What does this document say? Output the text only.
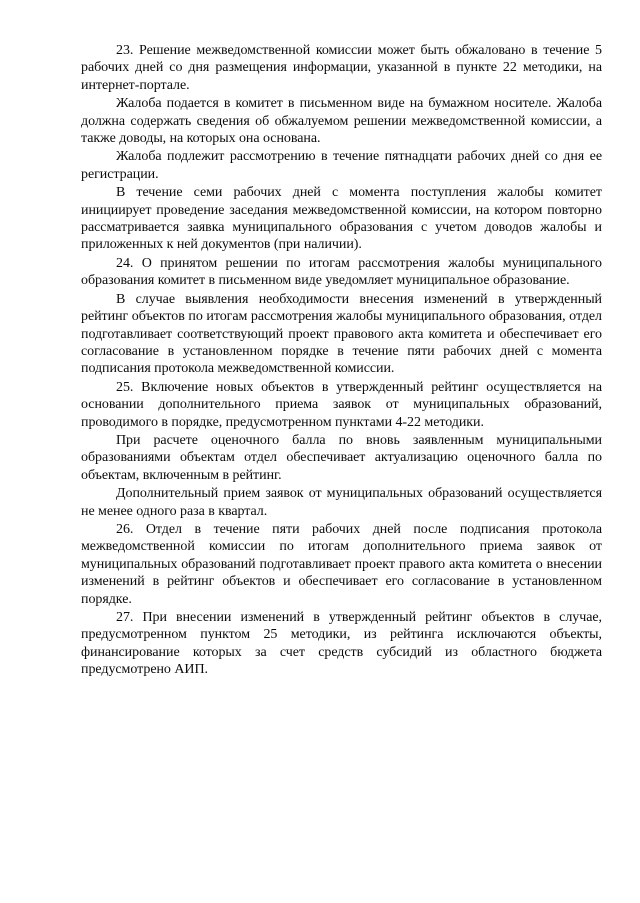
23. Решение межведомственной комиссии может быть обжаловано в течение 5 рабочих дней со дня размещения информации, указанной в пункте 22 методики, на интернет-портале.

Жалоба подается в комитет в письменном виде на бумажном носителе. Жалоба должна содержать сведения об обжалуемом решении межведомственной комиссии, а также доводы, на которых она основана.

Жалоба подлежит рассмотрению в течение пятнадцати рабочих дней со дня ее регистрации.

В течение семи рабочих дней с момента поступления жалобы комитет инициирует проведение заседания межведомственной комиссии, на котором повторно рассматривается заявка муниципального образования с учетом доводов жалобы и приложенных к ней документов (при наличии).

24. О принятом решении по итогам рассмотрения жалобы муниципального образования комитет в письменном виде уведомляет муниципальное образование.

В случае выявления необходимости внесения изменений в утвержденный рейтинг объектов по итогам рассмотрения жалобы муниципального образования, отдел подготавливает соответствующий проект правового акта комитета и обеспечивает его согласование в установленном порядке в течение пяти рабочих дней с момента подписания протокола межведомственной комиссии.

25. Включение новых объектов в утвержденный рейтинг осуществляется на основании дополнительного приема заявок от муниципальных образований, проводимого в порядке, предусмотренном пунктами 4-22 методики.

При расчете оценочного балла по вновь заявленным муниципальными образованиями объектам отдел обеспечивает актуализацию оценочного балла по объектам, включенным в рейтинг.

Дополнительный прием заявок от муниципальных образований осуществляется не менее одного раза в квартал.

26. Отдел в течение пяти рабочих дней после подписания протокола межведомственной комиссии по итогам дополнительного приема заявок от муниципальных образований подготавливает проект правого акта комитета о внесении изменений в рейтинг объектов и обеспечивает его согласование в установленном порядке.

27. При внесении изменений в утвержденный рейтинг объектов в случае, предусмотренном пунктом 25 методики, из рейтинга исключаются объекты, финансирование которых за счет средств субсидий из областного бюджета предусмотрено АИП.
